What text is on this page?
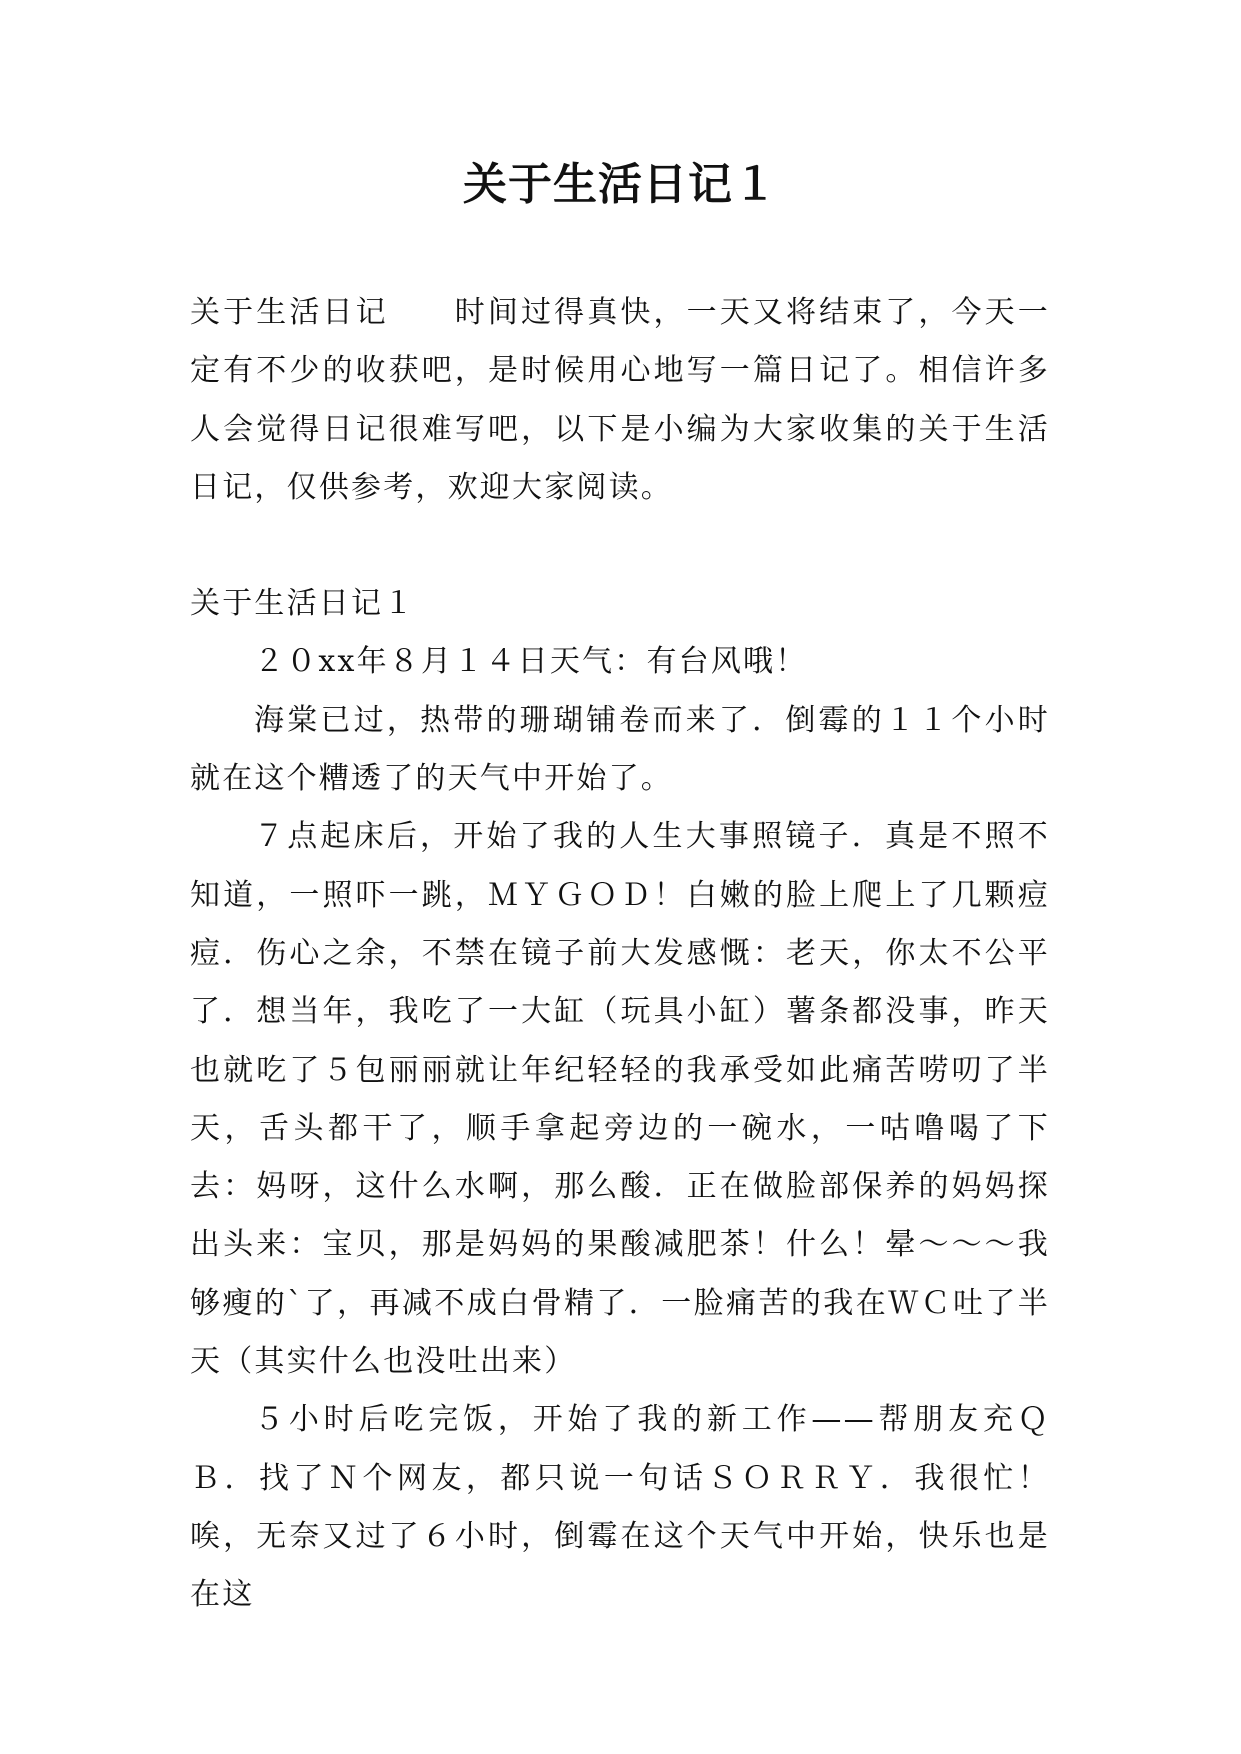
关于生活日记１

关于生活日记 时间过得真快，一天又将结束了，今天一定有不少的收获吧，是时候用心地写一篇日记了。相信许多人会觉得日记很难写吧，以下是小编为大家收集的关于生活日记，仅供参考，欢迎大家阅读。

关于生活日记１

２０xx年８月１４日天气：有台风哦！

海棠已过，热带的珊瑚铺卷而来了．倒霉的１１个小时就在这个糟透了的天气中开始了。

７点起床后，开始了我的人生大事照镜子．真是不照不知道，一照吓一跳，ＭＹＧＯＤ！白嫩的脸上爬上了几颗痘痘．伤心之余，不禁在镜子前大发感慨：老天，你太不公平了．想当年，我吃了一大缸（玩具小缸）薯条都没事，昨天也就吃了５包丽丽就让年纪轻轻的我承受如此痛苦唠叨了半天，舌头都干了，顺手拿起旁边的一碗水，一咕噜喝了下去：妈呀，这什么水啊，那么酸．正在做脸部保养的妈妈探出头来：宝贝，那是妈妈的果酸减肥茶！什么！晕～～～我够瘦的`了，再减不成白骨精了．一脸痛苦的我在ＷＣ吐了半天（其实什么也没吐出来）

５小时后吃完饭，开始了我的新工作——帮朋友充ＱＢ．找了Ｎ个网友，都只说一句话ＳＯＲＲＹ．我很忙！唉，无奈又过了６小时，倒霉在这个天气中开始，快乐也是在这
